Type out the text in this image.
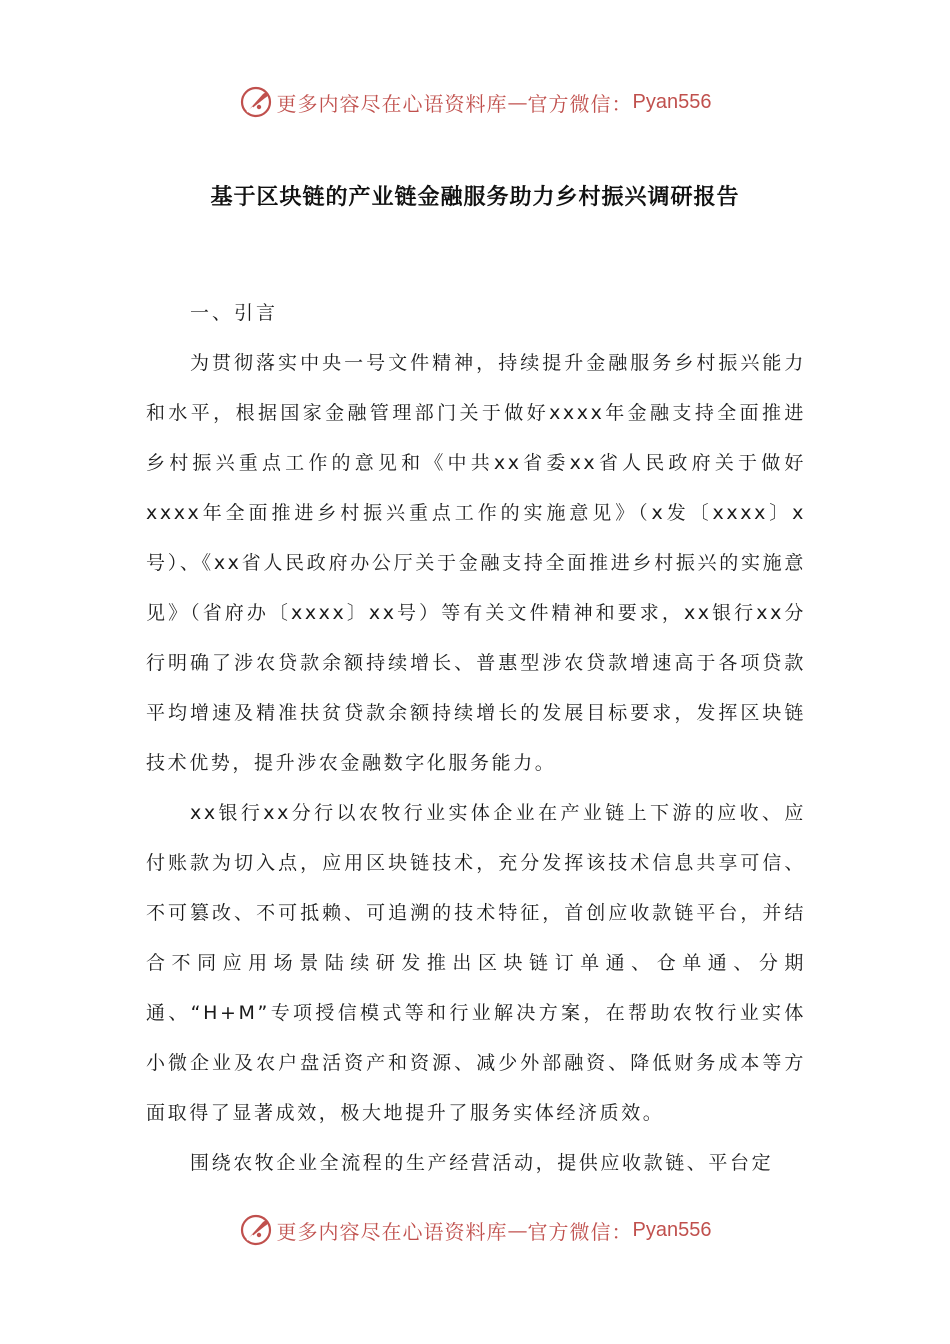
更多内容尽在心语资料库 — 官方微信： Pyan556
基于区块链的产业链金融服务助力乡村振兴调研报告
一、引言

为贯彻落实中央一号文件精神，持续提升金融服务乡村振兴能力和水平，根据国家金融管理部门关于做好xxxx年金融支持全面推进乡村振兴重点工作的意见和《中共xx省委xx省人民政府关于做好xxxx年全面推进乡村振兴重点工作的实施意见》（x发〔xxxx〕x号）、《xx省人民政府办公厅关于金融支持全面推进乡村振兴的实施意见》（省府办〔xxxx〕xx号）等有关文件精神和要求，xx银行xx分行明确了涉农贷款余额持续增长、普惠型涉农贷款增速高于各项贷款平均增速及精准扶贫贷款余额持续增长的发展目标要求，发挥区块链技术优势，提升涉农金融数字化服务能力。

xx银行xx分行以农牧行业实体企业在产业链上下游的应收、应付账款为切入点，应用区块链技术，充分发挥该技术信息共享可信、不可篡改、不可抵赖、可追溯的技术特征，首创应收款链平台，并结合不同应用场景陆续研发推出区块链订单通、仓单通、分期通、“H+M”专项授信模式等和行业解决方案，在帮助农牧行业实体小微企业及农户盘活资产和资源、减少外部融资、降低财务成本等方面取得了显著成效，极大地提升了服务实体经济质效。

围绕农牧企业全流程的生产经营活动，提供应收款链、平台定

更多内容尽在心语资料库 — 官方微信： Pyan556
